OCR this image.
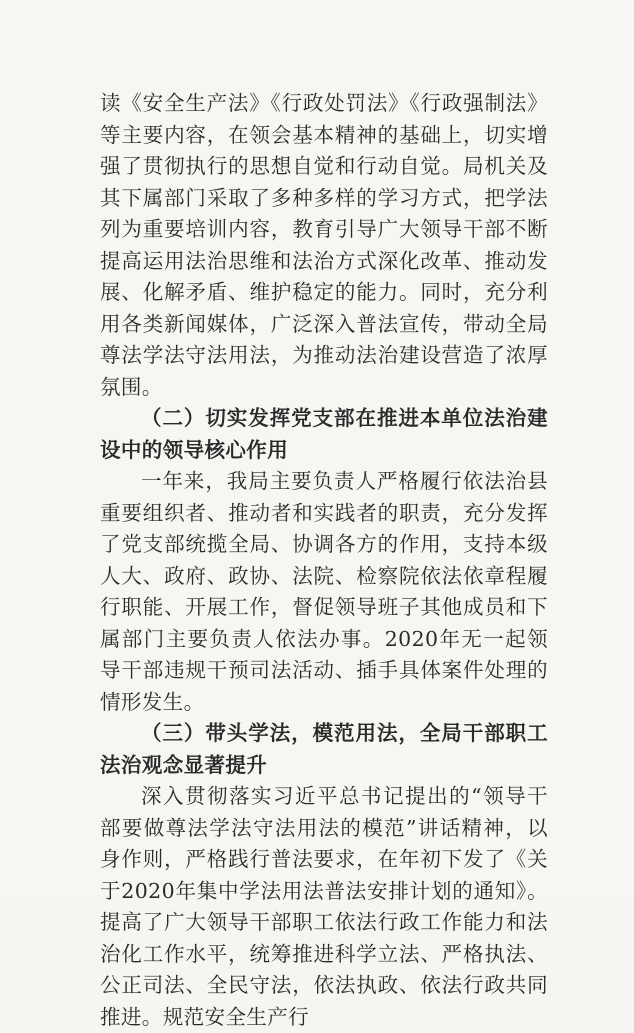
读《安全生产法》《行政处罚法》《行政强制法》等主要内容，在领会基本精神的基础上，切实增强了贯彻执行的思想自觉和行动自觉。局机关及其下属部门采取了多种多样的学习方式，把学法列为重要培训内容，教育引导广大领导干部不断提高运用法治思维和法治方式深化改革、推动发展、化解矛盾、维护稳定的能力。同时，充分利用各类新闻媒体，广泛深入普法宣传，带动全局尊法学法守法用法，为推动法治建设营造了浓厚氛围。

（二）切实发挥党支部在推进本单位法治建设中的领导核心作用

一年来，我局主要负责人严格履行依法治县重要组织者、推动者和实践者的职责，充分发挥了党支部统揽全局、协调各方的作用，支持本级人大、政府、政协、法院、检察院依法依章程履行职能、开展工作，督促领导班子其他成员和下属部门主要负责人依法办事。2020年无一起领导干部违规干预司法活动、插手具体案件处理的情形发生。

（三）带头学法，模范用法，全局干部职工法治观念显著提升

深入贯彻落实习近平总书记提出的“领导干部要做尊法学法守法用法的模范”讲话精神，以身作则，严格践行普法要求，在年初下发了《关于2020年集中学法用法普法安排计划的通知》。提高了广大领导干部职工依法行政工作能力和法治化工作水平，统筹推进科学立法、严格执法、公正司法、全民守法，依法执政、依法行政共同推进。规范安全生产行
